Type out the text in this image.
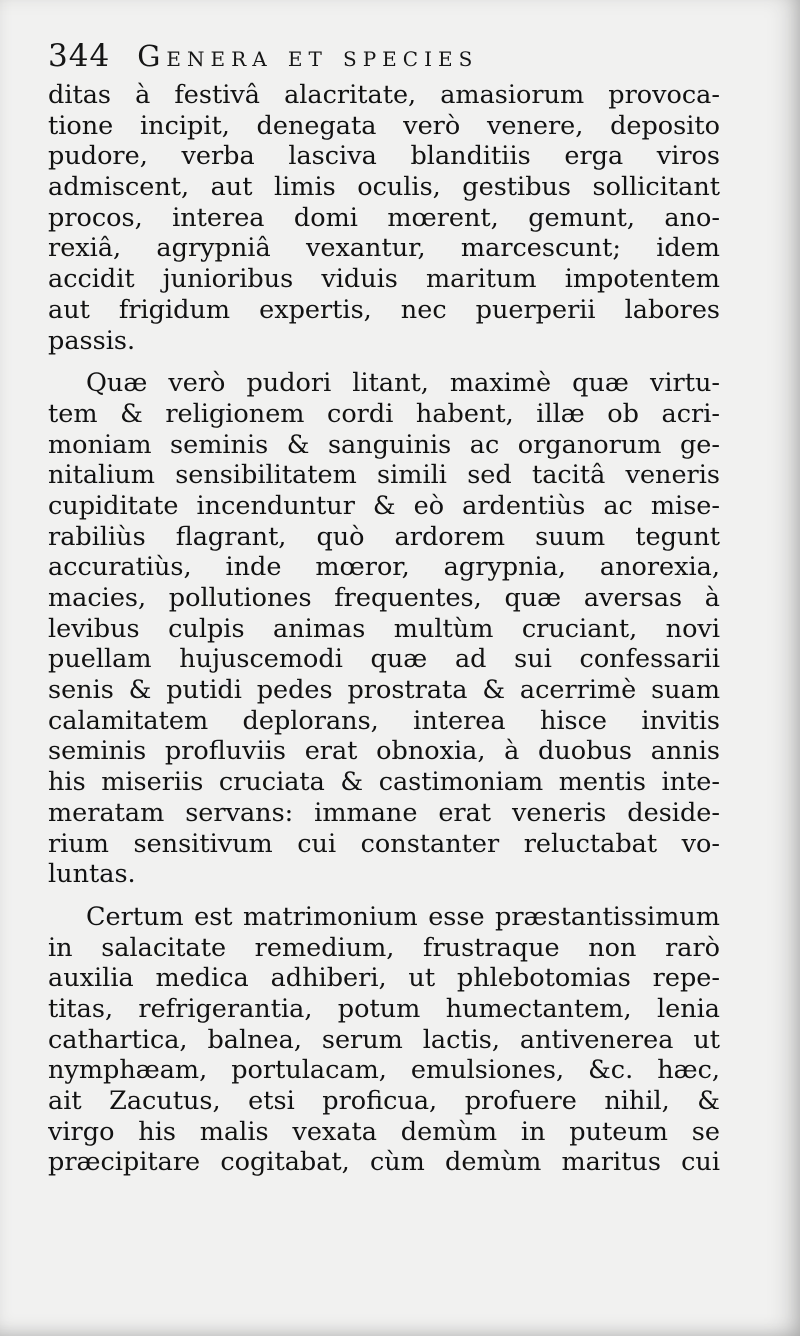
344 Genera et species
ditas à festivâ alacritate, amasiorum provoca-
tione incipit, denegata verò venere, deposito
pudore, verba lasciva blanditiis erga viros
admiscent, aut limis oculis, gestibus sollicitant
procos, interea domi mœrent, gemunt, ano-
rexiâ, agrypniâ vexantur, marcescunt; idem
accidit junioribus viduis maritum impotentem
aut frigidum expertis, nec puerperii labores
passis.
Quæ verò pudori litant, maximè quæ virtu-
tem & religionem cordi habent, illæ ob acri-
moniam seminis & sanguinis ac organorum ge-
nitalium sensibilitatem simili sed tacitâ veneris
cupiditate incenduntur & eò ardentiùs ac mise-
rabiliùs flagrant, quò ardorem suum tegunt
accuratiùs, inde mœror, agrypnia, anorexia,
macies, pollutiones frequentes, quæ aversas à
levibus culpis animas multùm cruciant, novi
puellam hujuscemodi quæ ad sui confessarii
senis & putidi pedes prostrata & acerrimè suam
calamitatem deplorans, interea hisce invitis
seminis profluviis erat obnoxia, à duobus annis
his miseriis cruciata & castimoniam mentis inte-
meratam servans: immane erat veneris deside-
rium sensitivum cui constanter reluctabat vo-
luntas.
Certum est matrimonium esse præstantissimum
in salacitate remedium, frustraque non rarò
auxilia medica adhiberi, ut phlebotomias repe-
titas, refrigerantia, potum humectantem, lenia
cathartica, balnea, serum lactis, antivenerea ut
nymphæam, portulacam, emulsiones, &c. hæc,
ait Zacutus, etsi proficua, profuere nihil, &
virgo his malis vexata demùm in puteum se
præcipitare cogitabat, cùm demùm maritus cui
